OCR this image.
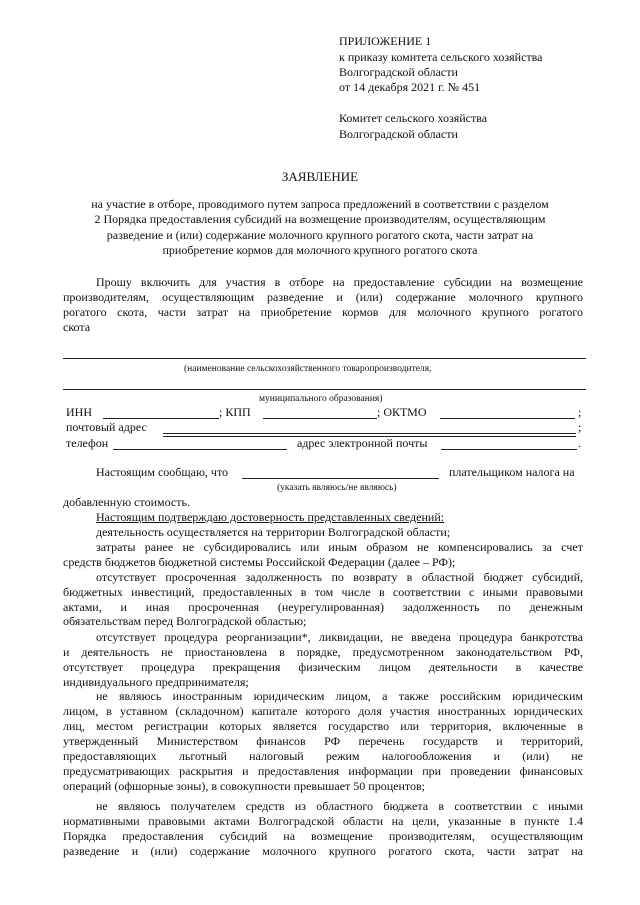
ПРИЛОЖЕНИЕ 1
к приказу комитета сельского хозяйства
Волгоградской области
от 14 декабря 2021 г. № 451
Комитет сельского хозяйства
Волгоградской области
ЗАЯВЛЕНИЕ
на участие в отборе, проводимого путем запроса предложений в соответствии с разделом
2 Порядка предоставления субсидий на возмещение производителям, осуществляющим
разведение и (или) содержание молочного крупного рогатого скота, части затрат на
приобретение кормов для молочного крупного рогатого скота
Прошу включить для участия в отборе на предоставление субсидии на возмещение
производителям, осуществляющим разведение и (или) содержание молочного крупного
рогатого скота, части затрат на приобретение кормов для молочного крупного рогатого
скота
(наименование сельскохозяйственного товаропроизводителя,
муниципального образования)
ИНН	; КПП	; ОКТМО	;
почтовый адрес	;
телефон	адрес электронной почты	.
Настоящим сообщаю, что	плательщиком налога на
(указать являюсь/не являюсь)
добавленную стоимость.
Настоящим подтверждаю достоверность представленных сведений:
деятельность осуществляется на территории Волгоградской области;
затраты ранее не субсидировались или иным образом не компенсировались за счет
средств бюджетов бюджетной системы Российской Федерации (далее – РФ);
отсутствует просроченная задолженность по возврату в областной бюджет субсидий,
бюджетных инвестиций, предоставленных в том числе в соответствии с иными правовыми
актами, и иная просроченная (неурегулированная) задолженность по денежным
обязательствам перед Волгоградской областью;
отсутствует процедура реорганизации*, ликвидации, не введена процедура банкротства
и деятельность не приостановлена в порядке, предусмотренном законодательством РФ,
отсутствует процедура прекращения физическим лицом деятельности в качестве
индивидуального предпринимателя;
не являюсь иностранным юридическим лицом, а также российским юридическим
лицом, в уставном (складочном) капитале которого доля участия иностранных юридических
лиц, местом регистрации которых является государство или территория, включенные в
утвержденный Министерством финансов РФ перечень государств и территорий,
предоставляющих льготный налоговый режим налогообложения и (или) не
предусматривающих раскрытия и предоставления информации при проведении финансовых
операций (офшорные зоны), в совокупности превышает 50 процентов;
не являюсь получателем средств из областного бюджета в соответствии с иными
нормативными правовыми актами Волгоградской области на цели, указанные в пункте 1.4
Порядка предоставления субсидий на возмещение производителям, осуществляющим
разведение и (или) содержание молочного крупного рогатого скота, части затрат на
